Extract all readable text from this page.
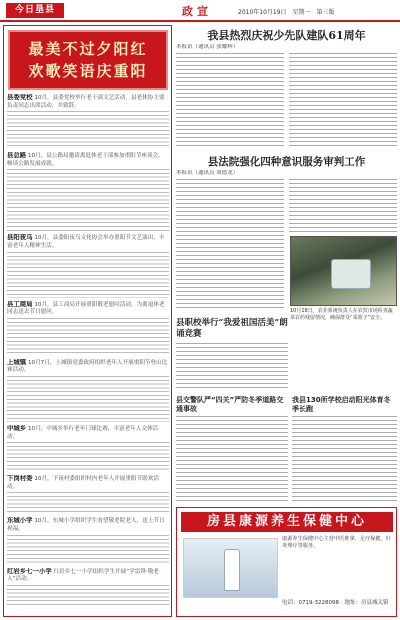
今日垦县	政宣	2010年10月19日　星期一　第三版
最美不过夕阳红
欢歌笑语庆重阳
县委党校 10月，县委党校举行老干部文艺活动，县老体协主要负责同志出席活动，并致辞。
县总路 10月，县公路局邀请离退休老干部参加重阳节座谈会，畅谈公路发展成就。
县阳夜乌 10月，县委阳夜乌文化协会举办重阳节文艺演出，丰富老年人精神生活。
县工商局 10月，县工商局开展重阳敬老慰问活动，为离退休老同志送去节日慰问。
上城镇 10月7日，上城镇党委政府组织老年人开展重阳节登山比赛活动。
中城乡 10月，中城乡举行老年门球比赛，丰富老年人文体活动。
下岗村委 10月，下岗村委组织村内老年人开展重阳节联欢活动。
东城小学 10月，东城小学组织学生看望敬老院老人，送上节日祝福。
红岩乡七一小学 红岩乡七一小学组织学生开展“学雷锋·敬老人”活动。
我县热烈庆祝少先队建队61周年
本报讯（通讯员 张耀辉）
县法院强化四种意识服务审判工作
本报讯（通讯员 周德龙）
10月18日，农业系统负责人在农贸市场检查蔬菜农药残留情况，确保群众“菜篮子”安全。
县职校举行“我爱祖国活美”朗诵竞赛
县交警队严“四关”严防冬季道路交通事故
我县130所学校启动阳光体育冬季长跑
房县康源养生保健中心
康源养生保健中心主营中医推拿、足疗保健、针灸理疗等服务。
电话：0719-3228098　地址：房县城关镇
